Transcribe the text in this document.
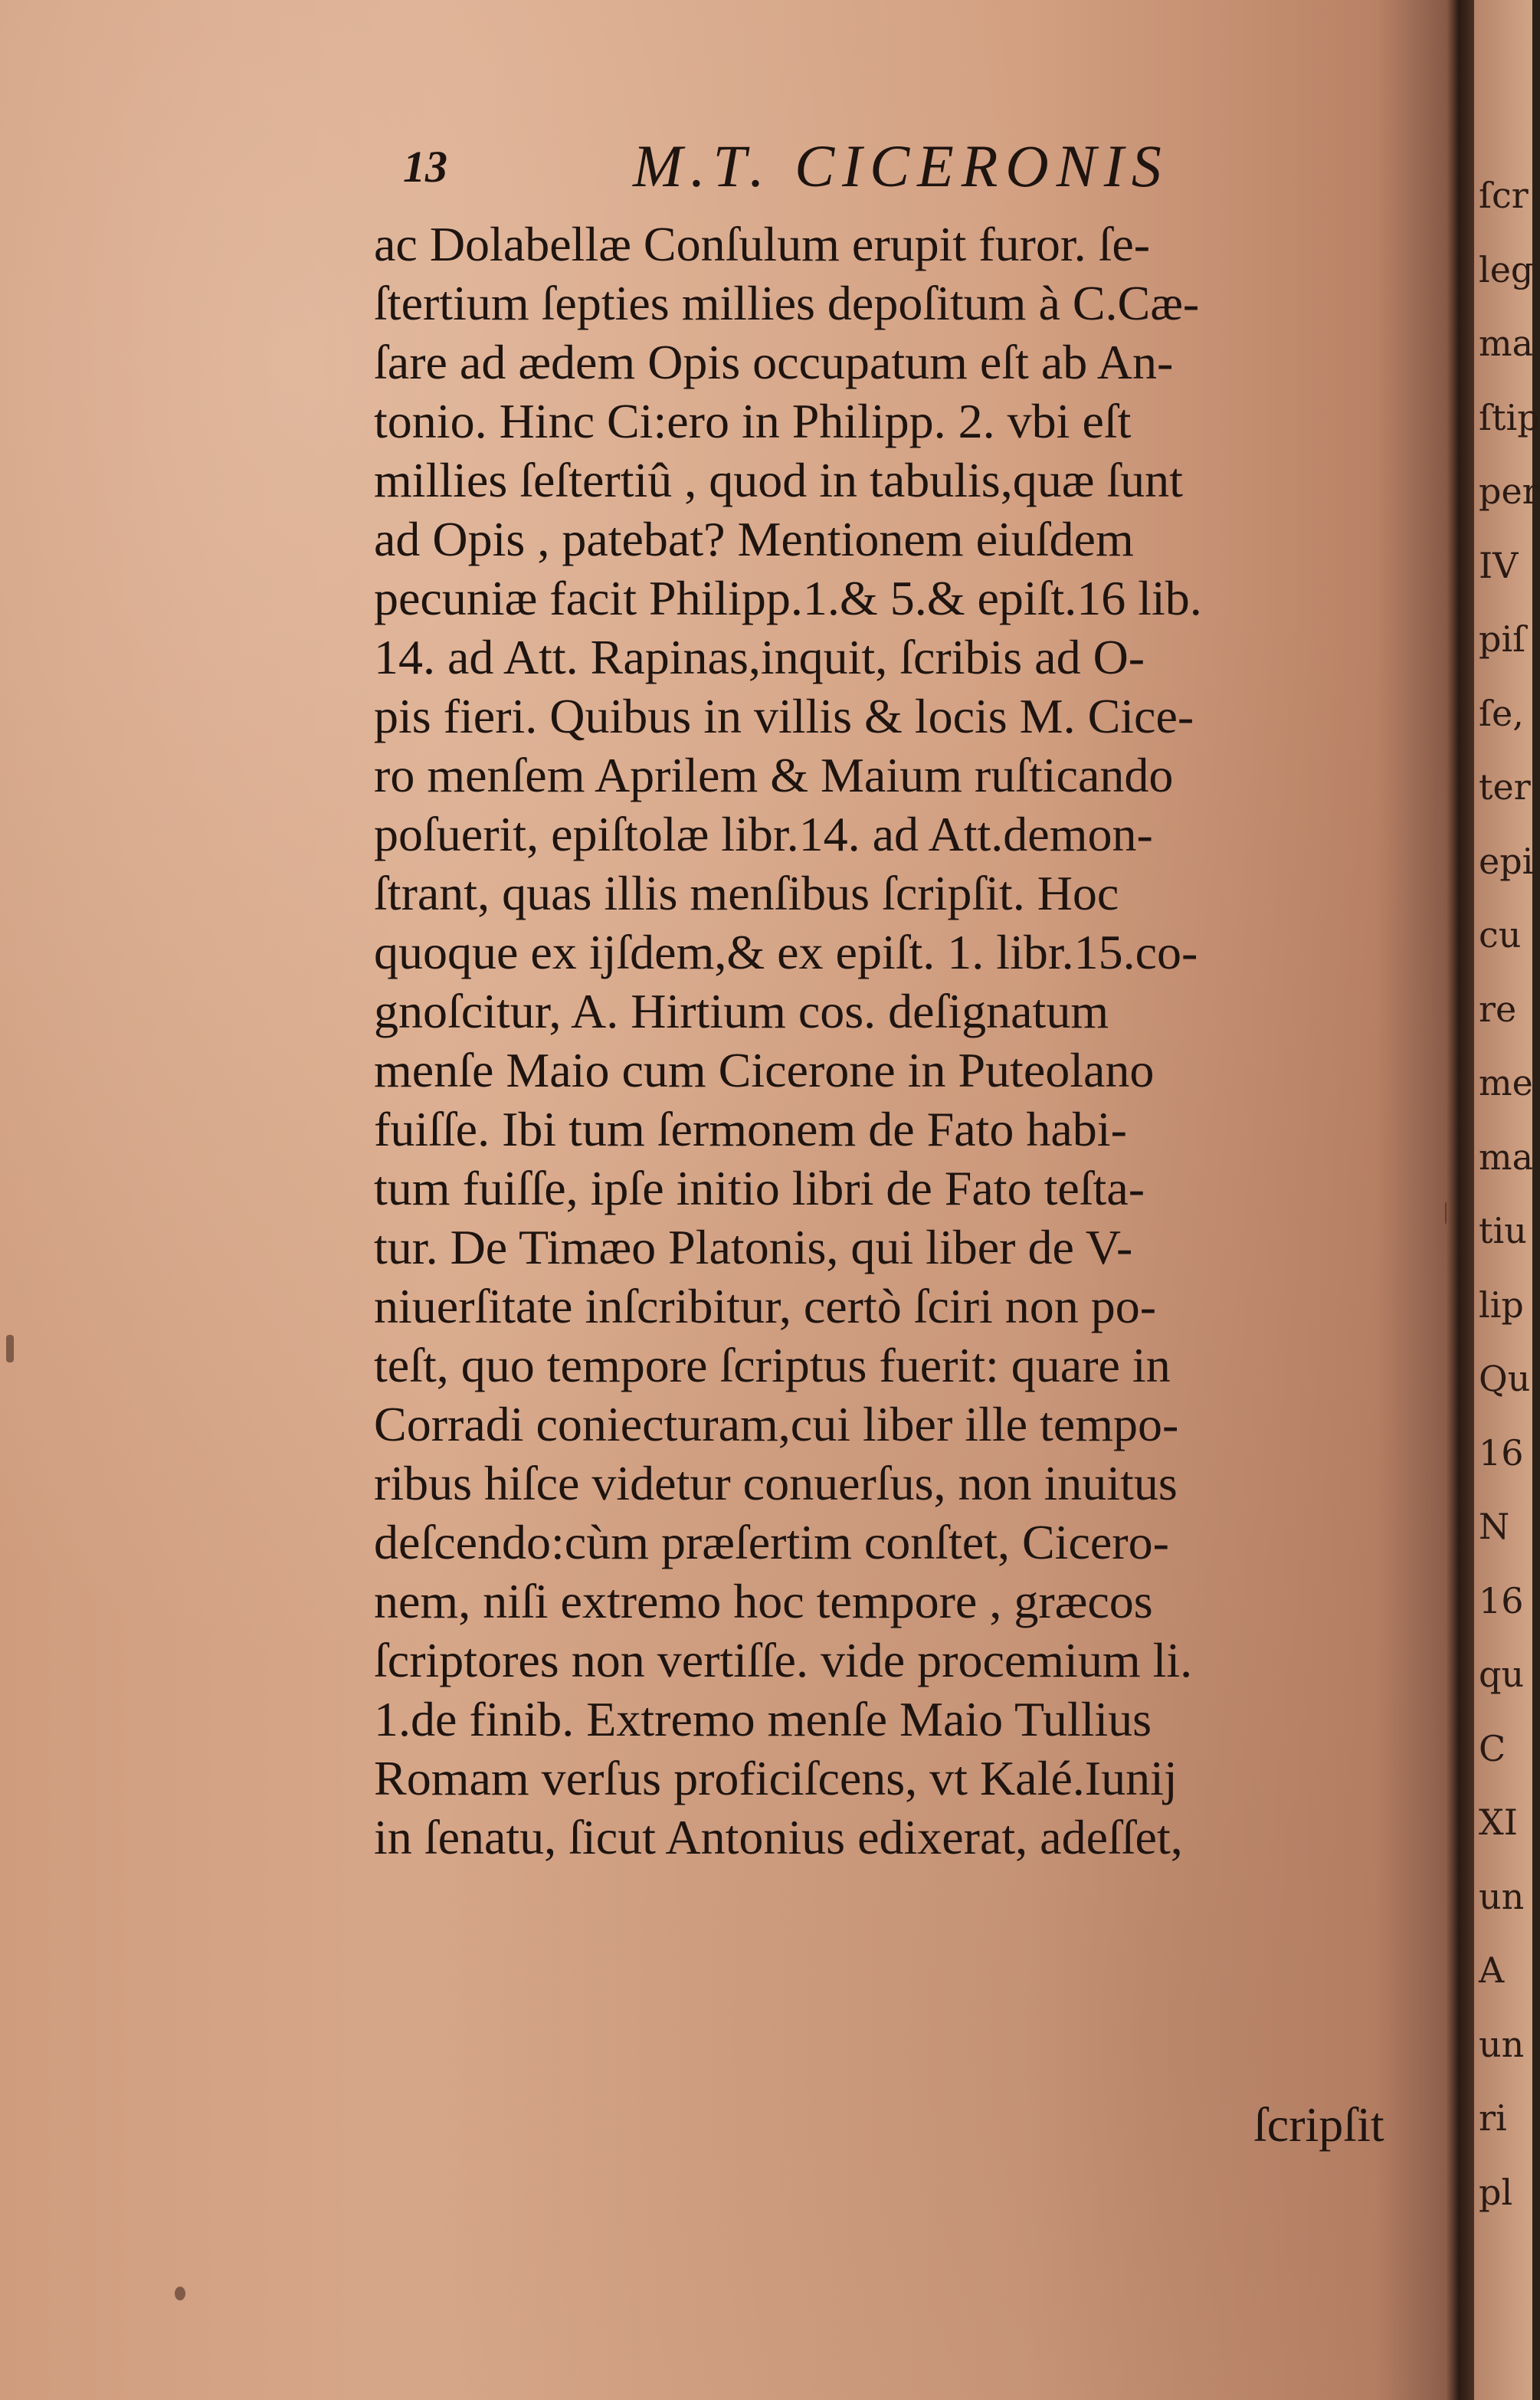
13	M.T. CICERONIS
ac Dolabellæ Conſulum erupit furor. ſe-
ſtertium ſepties millies depoſitum à C.Cæ-
ſare ad ædem Opis occupatum eſt ab An-
tonio. Hinc Ci:ero in Philipp. 2. vbi eſt
millies ſeſtertiû , quod in tabulis,quæ ſunt
ad Opis , patebat? Mentionem eiuſdem
pecuniæ facit Philipp.1.& 5.& epiſt.16 lib.
14. ad Att. Rapinas,inquit, ſcribis ad O-
pis fieri. Quibus in villis & locis M. Cice-
ro menſem Aprilem & Maium ruſticando
poſuerit, epiſtolæ libr.14. ad Att.demon-
ſtrant, quas illis menſibus ſcripſit. Hoc
quoque ex ijſdem,& ex epiſt. 1. libr.15.co-
gnoſcitur, A. Hirtium cos. deſignatum
menſe Maio cum Cicerone in Puteolano
fuiſſe. Ibi tum ſermonem de Fato habi-
tum fuiſſe, ipſe initio libri de Fato teſta-
tur. De Timæo Platonis, qui liber de V-
niuerſitate inſcribitur, certò ſciri non po-
teſt, quo tempore ſcriptus fuerit: quare in
Corradi coniecturam,cui liber ille tempo-
ribus hiſce videtur conuerſus, non inuitus
deſcendo:cùm præſertim conſtet, Cicero-
nem, niſi extremo hoc tempore , græcos
ſcriptores non vertiſſe. vide procemium li.
1.de finib. Extremo menſe Maio Tullius
Romam verſus proficiſcens, vt Kalé.Iunij
in ſenatu, ſicut Antonius edixerat, adeſſet,
ſcripſit
ſcr
leg
ma
ſtip
per
IV
piſ
ſe,
ter
epi
cu
re
me
ma
tiu
lip
Qu
16
N
16
qu
C
XI
un
A
un
ri
pl
